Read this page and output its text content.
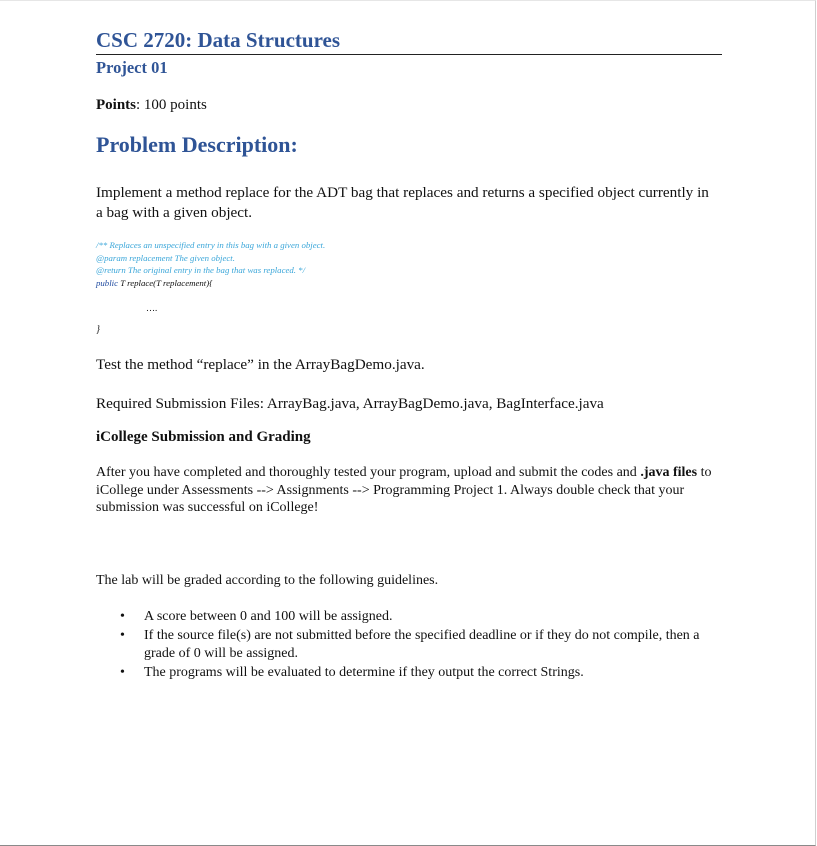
CSC 2720: Data Structures
Project 01
Points: 100 points
Problem Description:
Implement a method replace for the ADT bag that replaces and returns a specified object currently in a bag with a given object.
/** Replaces an unspecified entry in this bag with a given object.
@param replacement The given object.
@return The original entry in the bag that was replaced. */
public T replace(T replacement){
….
}
Test the method “replace” in the ArrayBagDemo.java.
Required Submission Files: ArrayBag.java, ArrayBagDemo.java, BagInterface.java
iCollege Submission and Grading
After you have completed and thoroughly tested your program, upload and submit the codes and .java files to iCollege under Assessments --> Assignments --> Programming Project 1. Always double check that your submission was successful on iCollege!
The lab will be graded according to the following guidelines.
• A score between 0 and 100 will be assigned.
• If the source file(s) are not submitted before the specified deadline or if they do not compile, then a grade of 0 will be assigned.
• The programs will be evaluated to determine if they output the correct Strings.
